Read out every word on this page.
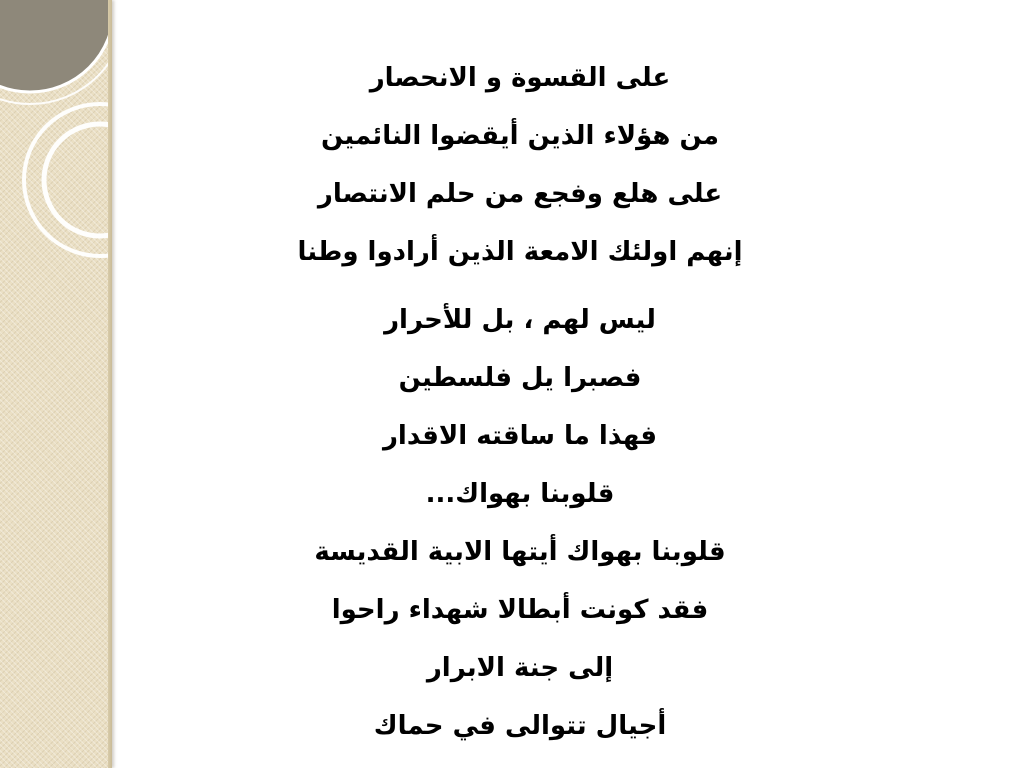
على القسوة و الانحصار
من هؤلاء الذين أيقضوا النائمين
على هلع وفجع من حلم الانتصار
إنهم اولئك الامعة الذين أرادوا وطنا
ليس لهم ، بل للأحرار
فصبرا يل فلسطين
فهذا ما ساقته الاقدار
قلوبنا بهواك...
قلوبنا بهواك أيتها الابية القديسة
فقد كونت أبطالا شهداء راحوا
إلى جنة الابرار
أجيال تتوالى في حماك
